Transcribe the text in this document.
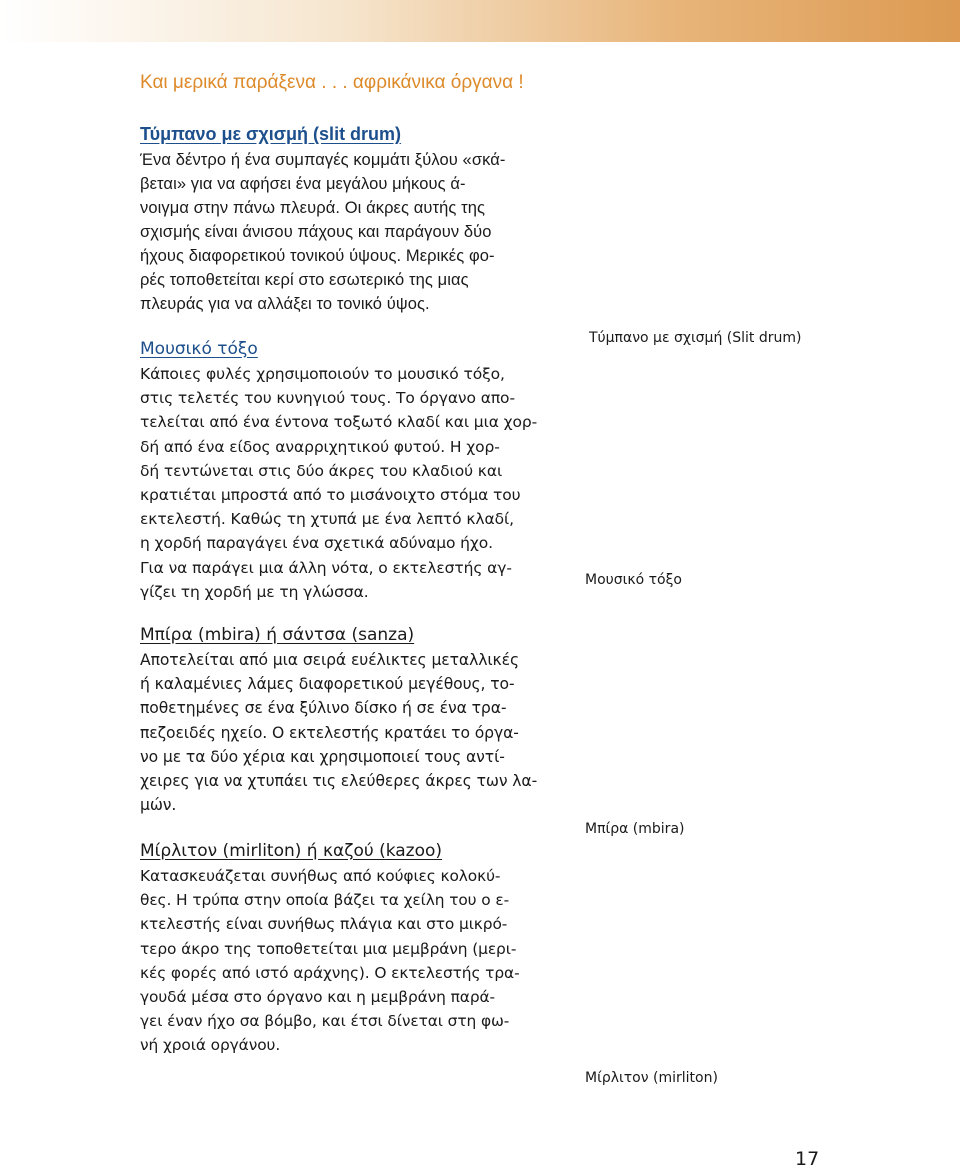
Και μερικά παράξενα . . . αφρικάνικα όργανα !
Τύμπανο με σχισμή (slit drum)
Ένα δέντρο ή ένα συμπαγές κομμάτι ξύλου «σκά-
βεται» για να αφήσει ένα μεγάλου μήκους ά-
νοιγμα στην πάνω πλευρά. Οι άκρες αυτής της
σχισμής είναι άνισου πάχους και παράγουν δύο
ήχους διαφορετικού τονικού ύψους. Μερικές φο-
ρές τοποθετείται κερί στο εσωτερικό της μιας
πλευράς για να αλλάξει το τονικό ύψος.
Μουσικό τόξο
Κάποιες φυλές χρησιμοποιούν το μουσικό τόξο,
στις τελετές του κυνηγιού τους. Το όργανο απο-
τελείται από ένα έντονα τοξωτό κλαδί και μια χορ-
δή από ένα είδος αναρριχητικού φυτού. Η χορ-
δή τεντώνεται στις δύο άκρες του κλαδιού και
κρατιέται μπροστά από το μισάνοιχτο στόμα του
εκτελεστή. Καθώς τη χτυπά με ένα λεπτό κλαδί,
η χορδή παραγάγει ένα σχετικά αδύναμο ήχο.
Για να παράγει μια άλλη νότα, ο εκτελεστής αγ-
γίζει τη χορδή με τη γλώσσα.
Μπίρα (mbira) ή σάντσα (sanza)
Αποτελείται από μια σειρά ευέλικτες μεταλλικές
ή καλαμένιες λάμες διαφορετικού μεγέθους, το-
ποθετημένες σε ένα ξύλινο δίσκο ή σε ένα τρα-
πεζοειδές ηχείο. Ο εκτελεστής κρατάει το όργα-
νο με τα δύο χέρια και χρησιμοποιεί τους αντί-
χειρες για να χτυπάει τις ελεύθερες άκρες των λα-
μών.
Μίρλιτον (mirliton) ή καζού (kazoo)
Κατασκευάζεται συνήθως από κούφιες κολοκύ-
θες. Η τρύπα στην οποία βάζει τα χείλη του ο ε-
κτελεστής είναι συνήθως πλάγια και στο μικρό-
τερο άκρο της τοποθετείται μια μεμβράνη (μερι-
κές φορές από ιστό αράχνης). Ο εκτελεστής τρα-
γουδά μέσα στο όργανο και η μεμβράνη παρά-
γει έναν ήχο σα βόμβο, και έτσι δίνεται στη φω-
νή χροιά οργάνου.
Τύμπανο με σχισμή (Slit drum)
Μουσικό τόξο
Μπίρα (mbira)
Μίρλιτον (mirliton)
17
